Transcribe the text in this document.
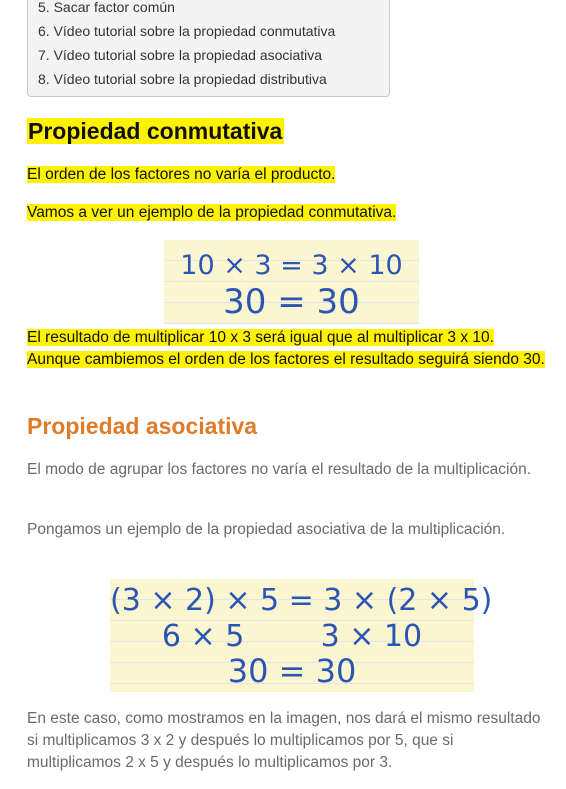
5. Sacar factor común
6. Vídeo tutorial sobre la propiedad conmutativa
7. Vídeo tutorial sobre la propiedad asociativa
8. Vídeo tutorial sobre la propiedad distributiva
Propiedad conmutativa
El orden de los factores no varía el producto.
Vamos a ver un ejemplo de la propiedad conmutativa.
10 × 3 = 3 × 10
30 = 30
El resultado de multiplicar 10 x 3 será igual que al multiplicar 3 x 10. Aunque cambiemos el orden de los factores el resultado seguirá siendo 30.
Propiedad asociativa
El modo de agrupar los factores no varía el resultado de la multiplicación.
Pongamos un ejemplo de la propiedad asociativa de la multiplicación.
(3 × 2) × 5 = 3 × (2 × 5)
6 × 5        3 × 10
30 = 30
En este caso, como mostramos en la imagen, nos dará el mismo resultado si multiplicamos 3 x 2 y después lo multiplicamos por 5, que si multiplicamos 2 x 5 y después lo multiplicamos por 3.
